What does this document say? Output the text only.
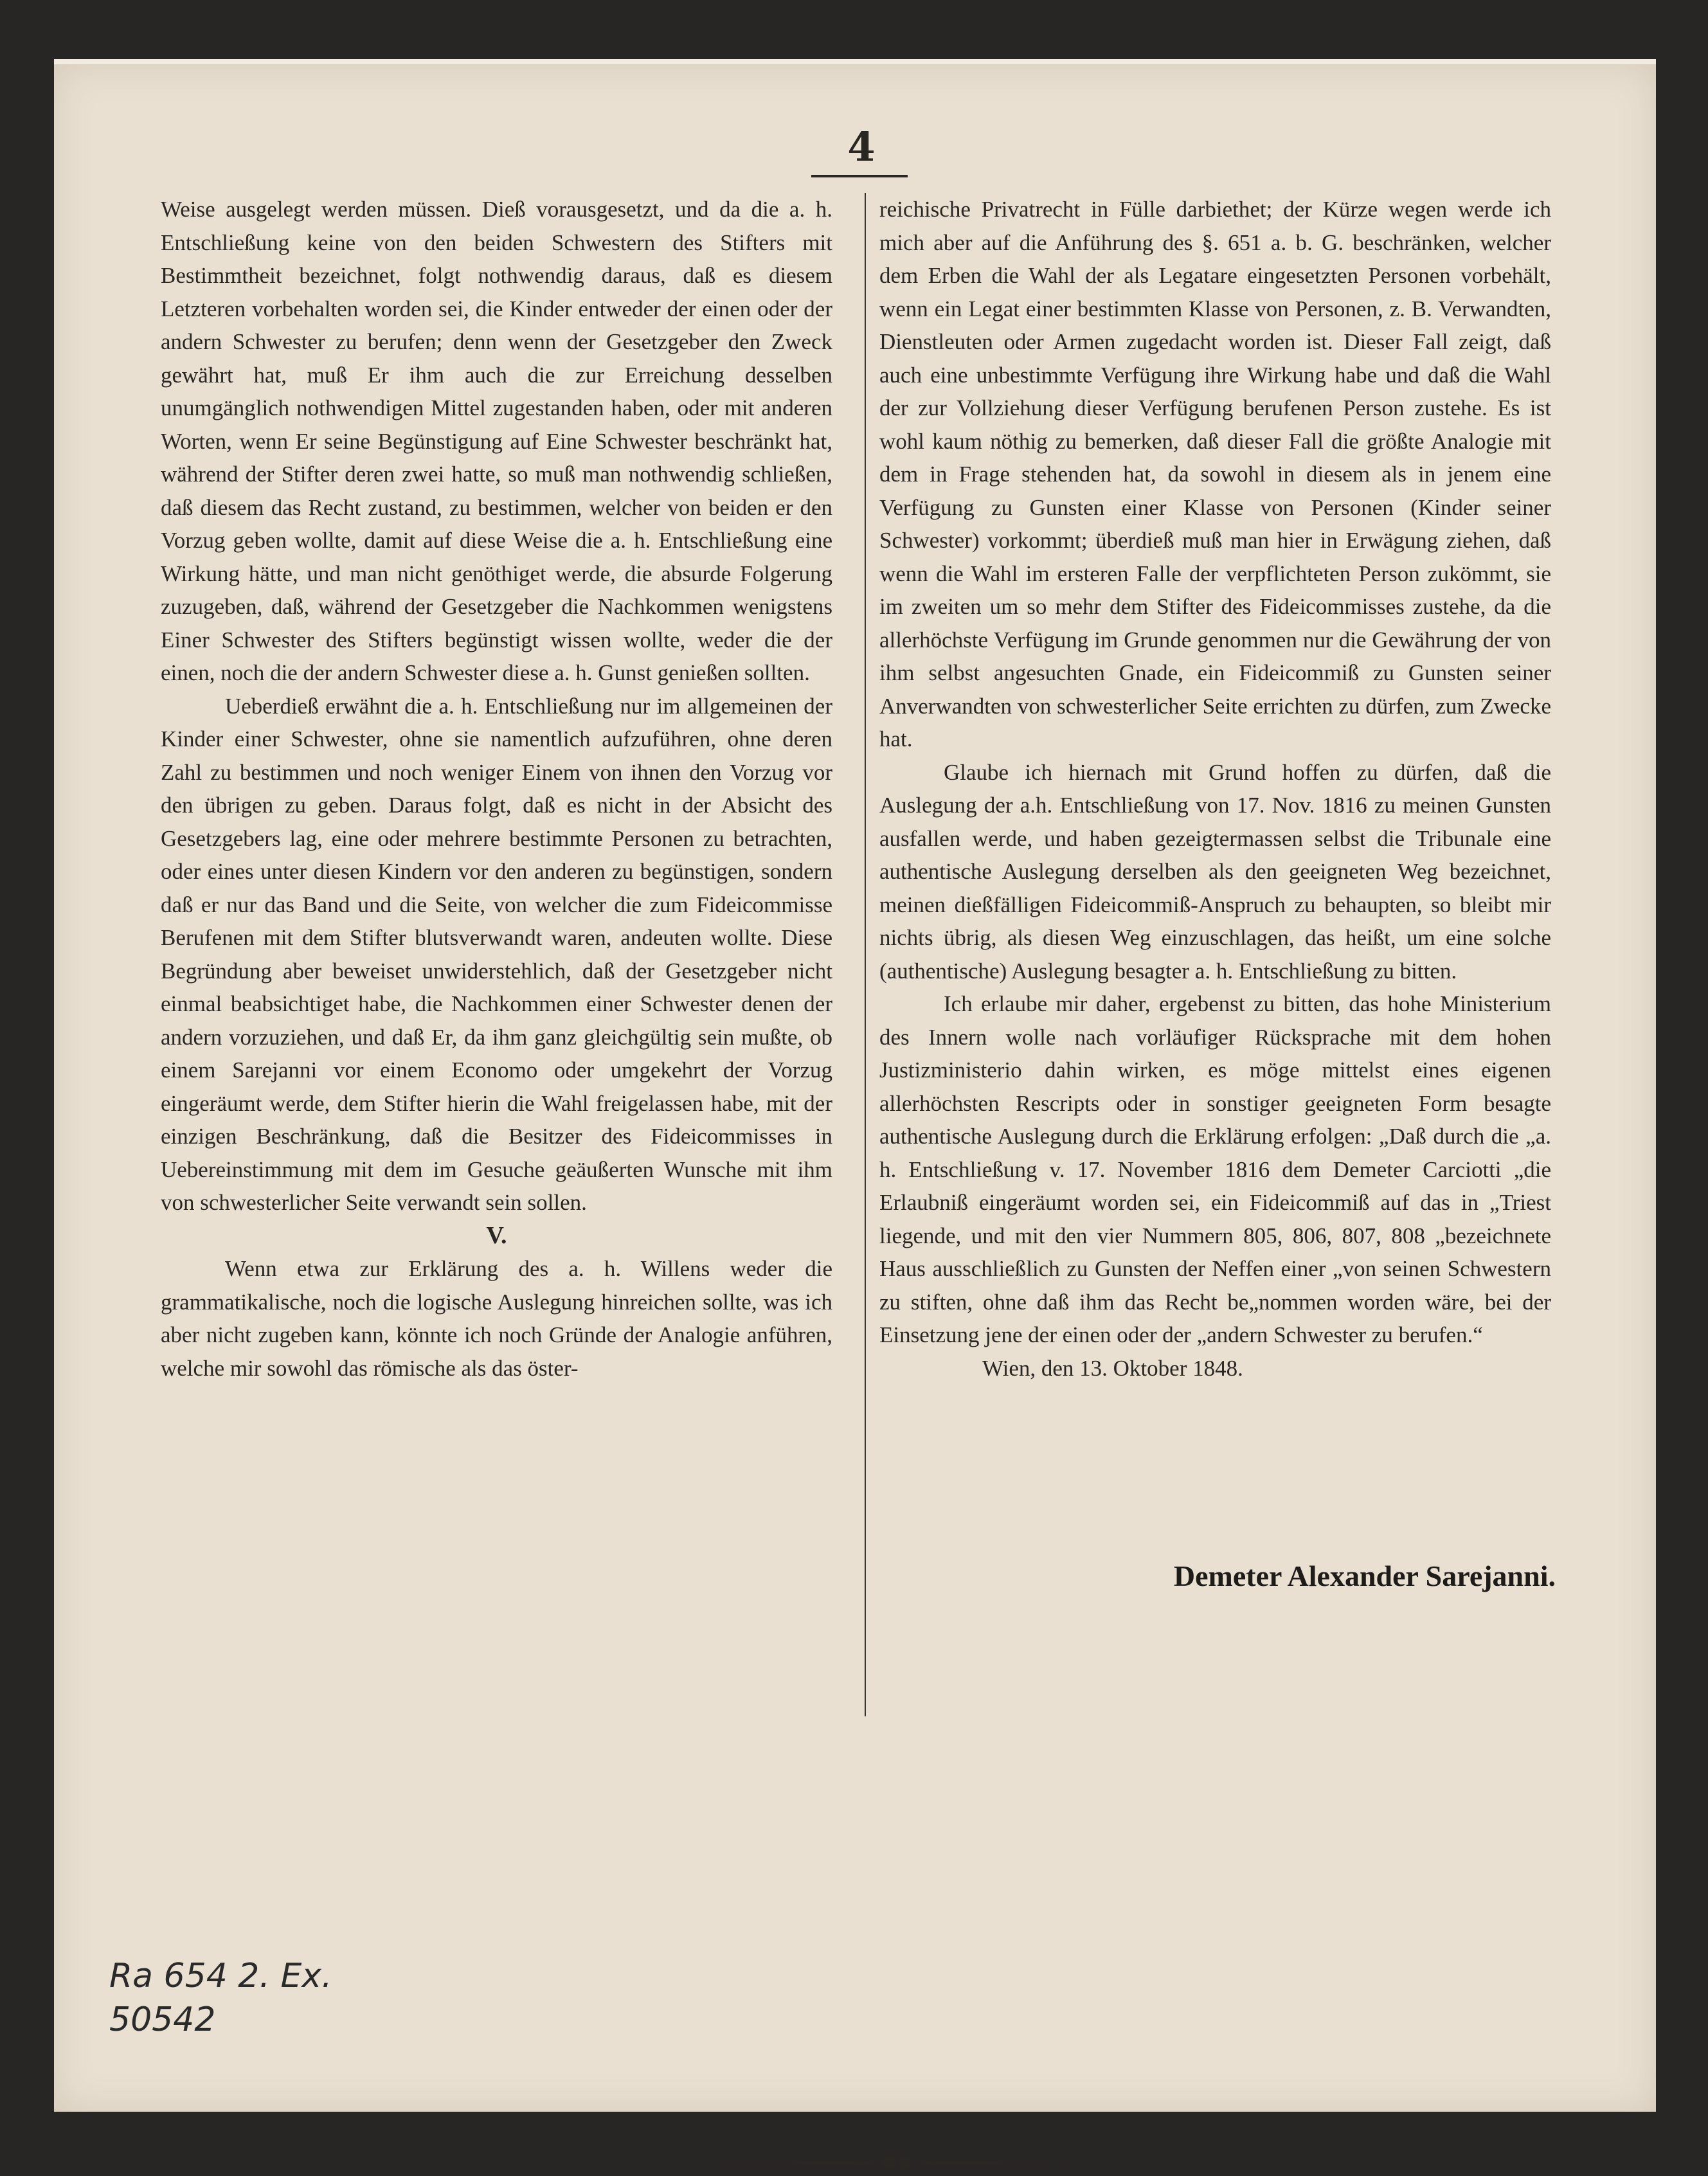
4

Weise ausgelegt werden müssen. Dieß vorausgesetzt, und da die a. h. Entschließung keine von den beiden Schwestern des Stifters mit Bestimmtheit bezeichnet, folgt nothwendig daraus, daß es diesem Letzteren vorbehalten worden sei, die Kinder entweder der einen oder der andern Schwester zu berufen; denn wenn der Gesetzgeber den Zweck gewährt hat, muß Er ihm auch die zur Erreichung desselben unumgänglich nothwendigen Mittel zugestanden haben, oder mit anderen Worten, wenn Er seine Begünstigung auf Eine Schwester beschränkt hat, während der Stifter deren zwei hatte, so muß man nothwendig schließen, daß diesem das Recht zustand, zu bestimmen, welcher von beiden er den Vorzug geben wollte, damit auf diese Weise die a. h. Entschließung eine Wirkung hätte, und man nicht genöthiget werde, die absurde Folgerung zuzugeben, daß, während der Gesetzgeber die Nachkommen wenigstens Einer Schwester des Stifters begünstigt wissen wollte, weder die der einen, noch die der andern Schwester diese a. h. Gunst genießen sollten.

Ueberdieß erwähnt die a. h. Entschließung nur im allgemeinen der Kinder einer Schwester, ohne sie namentlich aufzuführen, ohne deren Zahl zu bestimmen und noch weniger Einem von ihnen den Vorzug vor den übrigen zu geben. Daraus folgt, daß es nicht in der Absicht des Gesetzgebers lag, eine oder mehrere bestimmte Personen zu betrachten, oder eines unter diesen Kindern vor den anderen zu begünstigen, sondern daß er nur das Band und die Seite, von welcher die zum Fideicommisse Berufenen mit dem Stifter blutsverwandt waren, andeuten wollte. Diese Begründung aber beweiset unwiderstehlich, daß der Gesetzgeber nicht einmal beabsichtiget habe, die Nachkommen einer Schwester denen der andern vorzuziehen, und daß Er, da ihm ganz gleichgültig sein mußte, ob einem Sarejanni vor einem Economo oder umgekehrt der Vorzug eingeräumt werde, dem Stifter hierin die Wahl freigelassen habe, mit der einzigen Beschränkung, daß die Besitzer des Fideicommisses in Uebereinstimmung mit dem im Gesuche geäußerten Wunsche mit ihm von schwesterlicher Seite verwandt sein sollen.

V.

Wenn etwa zur Erklärung des a. h. Willens weder die grammatikalische, noch die logische Auslegung hinreichen sollte, was ich aber nicht zugeben kann, könnte ich noch Gründe der Analogie anführen, welche mir sowohl das römische als das öster-

reichische Privatrecht in Fülle darbiethet; der Kürze wegen werde ich mich aber auf die Anführung des §. 651 a. b. G. beschränken, welcher dem Erben die Wahl der als Legatare eingesetzten Personen vorbehält, wenn ein Legat einer bestimmten Klasse von Personen, z. B. Verwandten, Dienstleuten oder Armen zugedacht worden ist. Dieser Fall zeigt, daß auch eine unbestimmte Verfügung ihre Wirkung habe und daß die Wahl der zur Vollziehung dieser Verfügung berufenen Person zustehe. Es ist wohl kaum nöthig zu bemerken, daß dieser Fall die größte Analogie mit dem in Frage stehenden hat, da sowohl in diesem als in jenem eine Verfügung zu Gunsten einer Klasse von Personen (Kinder seiner Schwester) vorkommt; überdieß muß man hier in Erwägung ziehen, daß wenn die Wahl im ersteren Falle der verpflichteten Person zukömmt, sie im zweiten um so mehr dem Stifter des Fideicommisses zustehe, da die allerhöchste Verfügung im Grunde genommen nur die Gewährung der von ihm selbst angesuchten Gnade, ein Fideicommiß zu Gunsten seiner Anverwandten von schwesterlicher Seite errichten zu dürfen, zum Zwecke hat.

Glaube ich hiernach mit Grund hoffen zu dürfen, daß die Auslegung der a.h. Entschließung von 17. Nov. 1816 zu meinen Gunsten ausfallen werde, und haben gezeigtermassen selbst die Tribunale eine authentische Auslegung derselben als den geeigneten Weg bezeichnet, meinen dießfälligen Fideicommiß-Anspruch zu behaupten, so bleibt mir nichts übrig, als diesen Weg einzuschlagen, das heißt, um eine solche (authentische) Auslegung besagter a. h. Entschließung zu bitten.

Ich erlaube mir daher, ergebenst zu bitten, das hohe Ministerium des Innern wolle nach vorläufiger Rücksprache mit dem hohen Justizministerio dahin wirken, es möge mittelst eines eigenen allerhöchsten Rescripts oder in sonstiger geeigneten Form besagte authentische Auslegung durch die Erklärung erfolgen: „Daß durch die „a. h. Entschließung v. 17. November 1816 dem Demeter Carciotti „die Erlaubniß eingeräumt worden sei, ein Fideicommiß auf das in „Triest liegende, und mit den vier Nummern 805, 806, 807, 808 „bezeichnete Haus ausschließlich zu Gunsten der Neffen einer „von seinen Schwestern zu stiften, ohne daß ihm das Recht be„nommen worden wäre, bei der Einsetzung jene der einen oder der „andern Schwester zu berufen.“

Wien, den 13. Oktober 1848.

Demeter Alexander Sarejanni.
Ra 654 2. Ex.
50542
